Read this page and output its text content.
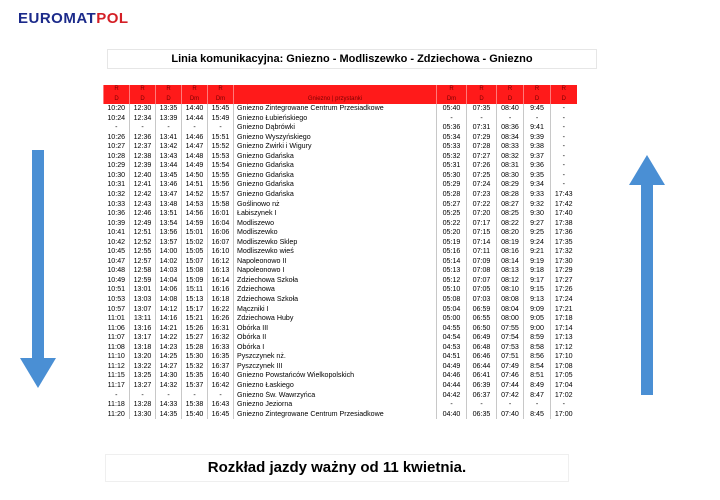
EUROMATPOL
Linia komunikacyjna: Gniezno - Modliszewko - Zdziechowa - Gniezno
R	R	R	R	R		R	R	R	R	R
D	D	D	Dm	Dm	Gniezno | przystanki	Dm	D	D	D	D
10:20	12:30	13:35	14:40	15:45	Gniezno Zintegrowane Centrum Przesiadkowe	05:40	07:35	08:40	9:45	-
10:24	12:34	13:39	14:44	15:49	Gniezno Łubieńskiego	-	-	-	-	-
-	-	-	-	-	Gniezno Dąbrówki	05:36	07:31	08:36	9:41	-
10:26	12:36	13:41	14:46	15:51	Gniezno Wyszyńskiego	05:34	07:29	08:34	9:39	-
10:27	12:37	13:42	14:47	15:52	Gniezno Żwirki i Wigury	05:33	07:28	08:33	9:38	-
10:28	12:38	13:43	14:48	15:53	Gniezno Gdańska	05:32	07:27	08:32	9:37	-
10:29	12:39	13:44	14:49	15:54	Gniezno Gdańska	05:31	07:26	08:31	9:36	-
10:30	12:40	13:45	14:50	15:55	Gniezno Gdańska	05:30	07:25	08:30	9:35	-
10:31	12:41	13:46	14:51	15:56	Gniezno Gdańska	05:29	07:24	08:29	9:34	-
10:32	12:42	13:47	14:52	15:57	Gniezno Gdańska	05:28	07:23	08:28	9:33	17:43
10:33	12:43	13:48	14:53	15:58	Goślinowo nż	05:27	07:22	08:27	9:32	17:42
10:36	12:46	13:51	14:56	16:01	Łabiszynek I	05:25	07:20	08:25	9:30	17:40
10:39	12:49	13:54	14:59	16:04	Modliszewo	05:22	07:17	08:22	9:27	17:38
10:41	12:51	13:56	15:01	16:06	Modliszewko	05:20	07:15	08:20	9:25	17:36
10:42	12:52	13:57	15:02	16:07	Modliszewko Sklep	05:19	07:14	08:19	9:24	17:35
10:45	12:55	14:00	15:05	16:10	Modliszewko wieś	05:16	07:11	08:16	9:21	17:32
10:47	12:57	14:02	15:07	16:12	Napoleonowo II	05:14	07:09	08:14	9:19	17:30
10:48	12:58	14:03	15:08	16:13	Napoleonowo I	05:13	07:08	08:13	9:18	17:29
10:49	12:59	14:04	15:09	16:14	Zdziechowa Szkoła	05:12	07:07	08:12	9:17	17:27
10:51	13:01	14:06	15:11	16:16	Zdziechowa	05:10	07:05	08:10	9:15	17:26
10:53	13:03	14:08	15:13	16:18	Zdziechowa Szkoła	05:08	07:03	08:08	9:13	17:24
10:57	13:07	14:12	15:17	16:22	Mączniki I	05:04	06:59	08:04	9:09	17:21
11:01	13:11	14:16	15:21	16:26	Zdziechowa Huby	05:00	06:55	08:00	9:05	17:18
11:06	13:16	14:21	15:26	16:31	Obórka III	04:55	06:50	07:55	9:00	17:14
11:07	13:17	14:22	15:27	16:32	Obórka II	04:54	06:49	07:54	8:59	17:13
11:08	13:18	14:23	15:28	16:33	Obórka I	04:53	06:48	07:53	8:58	17:12
11:10	13:20	14:25	15:30	16:35	Pyszczynek nż.	04:51	06:46	07:51	8:56	17:10
11:12	13:22	14:27	15:32	16:37	Pyszczynek III	04:49	06:44	07:49	8:54	17:08
11:15	13:25	14:30	15:35	16:40	Gniezno Powstańców Wielkopolskich	04:46	06:41	07:46	8:51	17:05
11:17	13:27	14:32	15:37	16:42	Gniezno Łaskiego	04:44	06:39	07:44	8:49	17:04
-	-	-	-	-	Gniezno Św. Wawrzyńca	04:42	06:37	07:42	8:47	17:02
11:18	13:28	14:33	15:38	16:43	Gniezno Jeziorna	-	-	-	-	-
11:20	13:30	14:35	15:40	16:45	Gniezno Zintegrowane Centrum Przesiadkowe	04:40	06:35	07:40	8:45	17:00
Rozkład jazdy ważny od 11 kwietnia.
